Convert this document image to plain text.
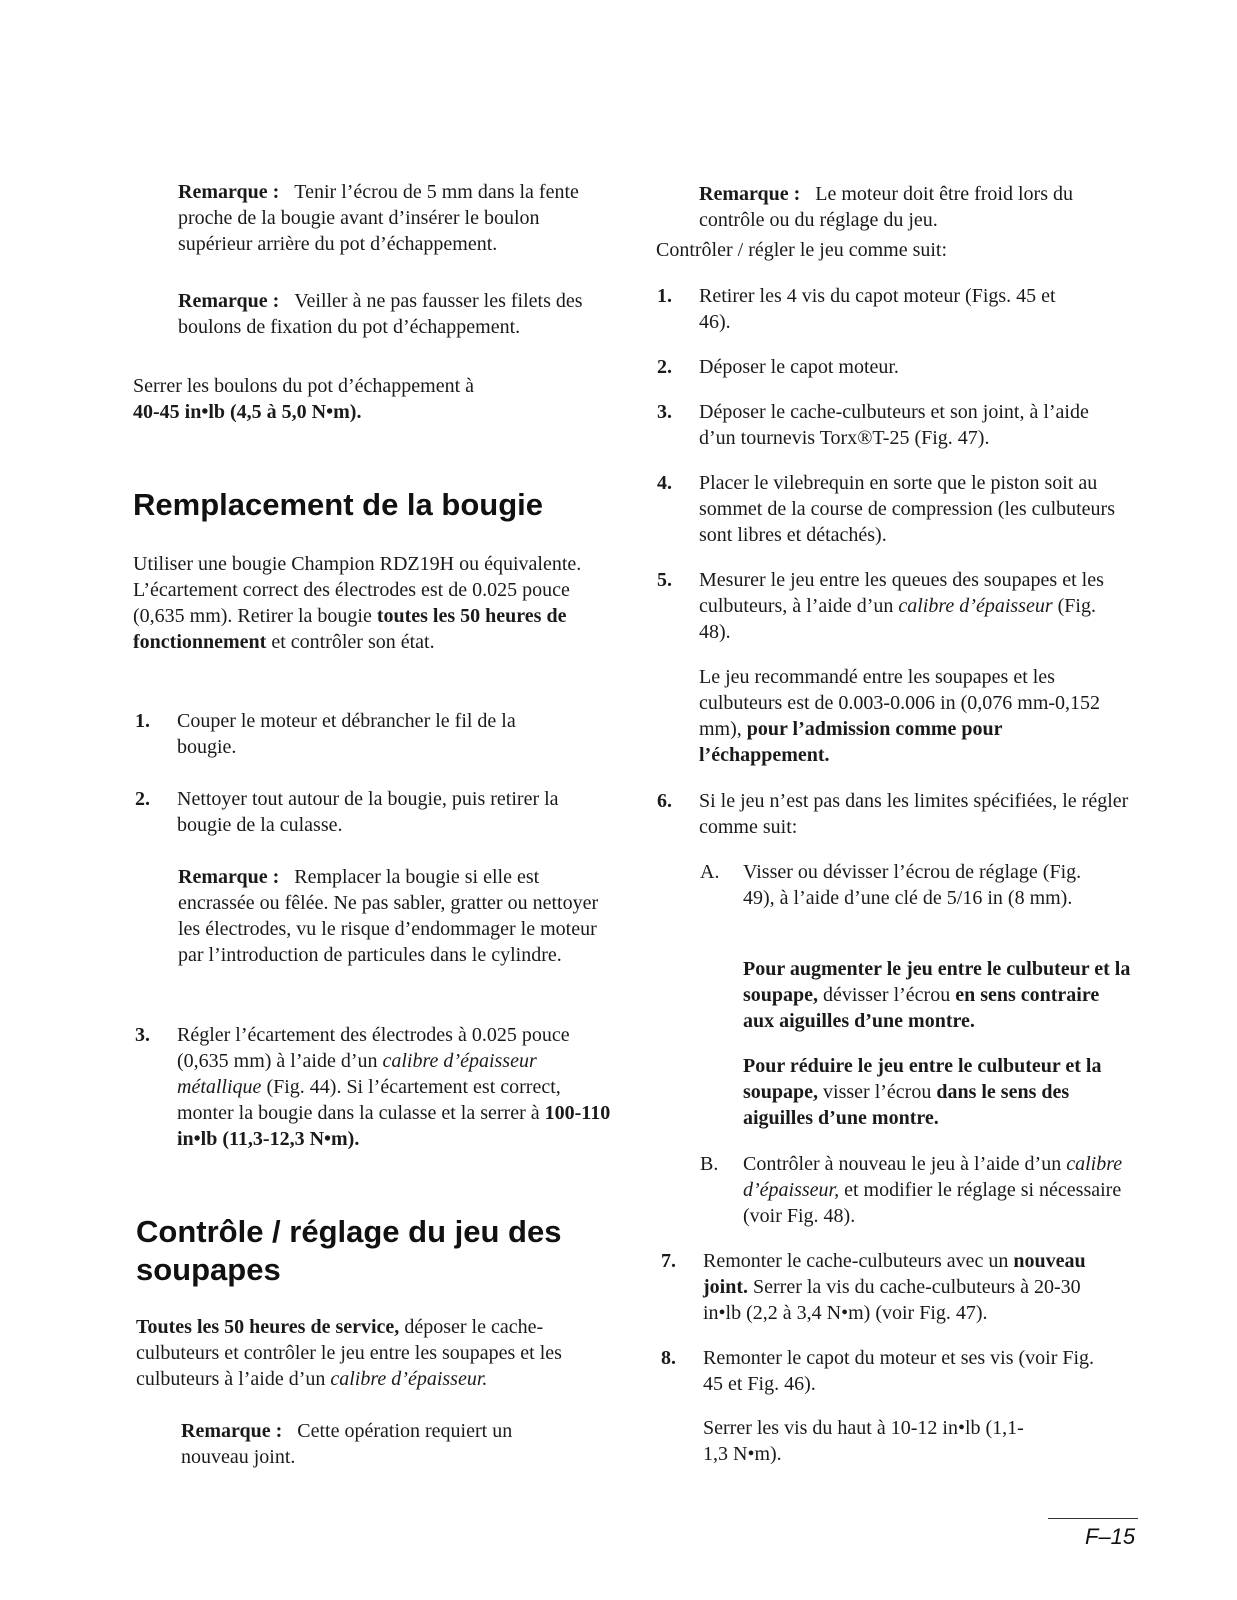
Remarque : Tenir l’écrou de 5 mm dans la fente proche de la bougie avant d’insérer le boulon supérieur arrière du pot d’échappement.
Remarque : Veiller à ne pas fausser les filets des boulons de fixation du pot d’échappement.

Serrer les boulons du pot d’échappement à

40-45 in•lb (4,5 à 5,0 N•m).

Remplacement de la bougie

Utiliser une bougie Champion RDZ19H ou équivalente. L’écartement correct des électrodes est de 0.025 pouce (0,635 mm). Retirer la bougie toutes les 50 heures de fonctionnement et contrôler son état.

1. Couper le moteur et débrancher le fil de la bougie.

2. Nettoyer tout autour de la bougie, puis retirer la bougie de la culasse.

Remarque : Remplacer la bougie si elle est encrassée ou fêlée. Ne pas sabler, gratter ou nettoyer les électrodes, vu le risque d’endommager le moteur par l’introduction de particules dans le cylindre.
3. Régler l’écartement des électrodes à 0.025 pouce (0,635 mm) à l’aide d’un calibre d’épaisseur métallique (Fig. 44). Si l’écartement est correct, monter la bougie dans la culasse et la serrer à 100-110 in•lb (11,3-12,3 N•m).

Contrôle / réglage du jeu des
soupapes

Toutes les 50 heures de service, déposer le cache-culbuteurs et contrôler le jeu entre les soupapes et les culbuteurs à l’aide d’un calibre d’épaisseur.

Remarque : Cette opération requiert un nouveau joint.
Remarque : Le moteur doit être froid lors du contrôle ou du réglage du jeu.

Contrôler / régler le jeu comme suit:

1. Retirer les 4 vis du capot moteur (Figs. 45 et 46).

2. Déposer le capot moteur.

3. Déposer le cache-culbuteurs et son joint, à l’aide d’un tournevis Torx®T-25 (Fig. 47).

4. Placer le vilebrequin en sorte que le piston soit au sommet de la course de compression (les culbuteurs sont libres et détachés).

5. Mesurer le jeu entre les queues des soupapes et les culbuteurs, à l’aide d’un calibre d’épaisseur (Fig. 48).

Le jeu recommandé entre les soupapes et les culbuteurs est de 0.003-0.006 in (0,076 mm-0,152 mm), pour l’admission comme pour l’échappement.

6. Si le jeu n’est pas dans les limites spécifiées, le régler comme suit:

A. Visser ou dévisser l’écrou de réglage (Fig. 49), à l’aide d’une clé de 5/16 in (8 mm).

Pour augmenter le jeu entre le culbuteur et la soupape, dévisser l’écrou en sens contraire aux aiguilles d’une montre.

Pour réduire le jeu entre le culbuteur et la soupape, visser l’écrou dans le sens des aiguilles d’une montre.

B. Contrôler à nouveau le jeu à l’aide d’un calibre d’épaisseur, et modifier le réglage si nécessaire (voir Fig. 48).

7. Remonter le cache-culbuteurs avec un nouveau joint. Serrer la vis du cache-culbuteurs à 20-30 in•lb (2,2 à 3,4 N•m) (voir Fig. 47).

8. Remonter le capot du moteur et ses vis (voir Fig. 45 et Fig. 46).

Serrer les vis du haut à 10-12 in•lb (1,1-1,3 N•m).

F–15
